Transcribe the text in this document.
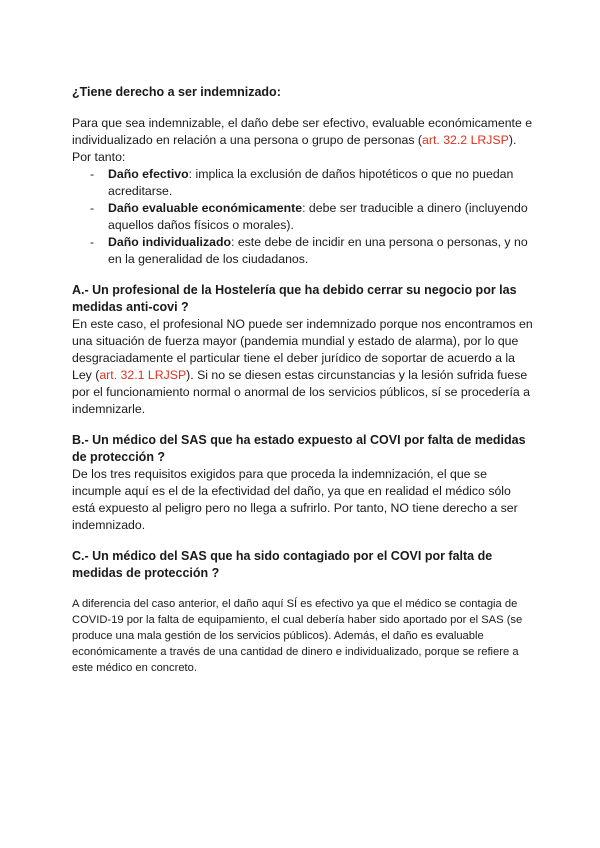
¿Tiene derecho a ser indemnizado:

Para que sea indemnizable, el daño debe ser efectivo, evaluable económicamente e individualizado en relación a una persona o grupo de personas (art. 32.2 LRJSP).

Por tanto:

- Daño efectivo: implica la exclusión de daños hipotéticos o que no puedan acreditarse.
- Daño evaluable económicamente: debe ser traducible a dinero (incluyendo aquellos daños físicos o morales).
- Daño individualizado: este debe de incidir en una persona o personas, y no en la generalidad de los ciudadanos.
A.- Un profesional de la Hostelería que ha debido cerrar su negocio por las medidas anti-covi ?

En este caso, el profesional NO puede ser indemnizado porque nos encontramos en una situación de fuerza mayor (pandemia mundial y estado de alarma), por lo que desgraciadamente el particular tiene el deber jurídico de soportar de acuerdo a la Ley (art. 32.1 LRJSP). Si no se diesen estas circunstancias y la lesión sufrida fuese por el funcionamiento normal o anormal de los servicios públicos, sí se procedería a indemnizarle.

B.- Un médico del SAS que ha estado expuesto al COVI por falta de medidas de protección ?

De los tres requisitos exigidos para que proceda la indemnización, el que se incumple aquí es el de la efectividad del daño, ya que en realidad el médico sólo está expuesto al peligro pero no llega a sufrirlo. Por tanto, NO tiene derecho a ser indemnizado.

C.- Un médico del SAS que ha sido contagiado por el COVI por falta de medidas de protección ?

A diferencia del caso anterior, el daño aquí SÍ es efectivo ya que el médico se contagia de COVID-19 por la falta de equipamiento, el cual debería haber sido aportado por el SAS (se produce una mala gestión de los servicios públicos). Además, el daño es evaluable económicamente a través de una cantidad de dinero e individualizado, porque se refiere a este médico en concreto.
